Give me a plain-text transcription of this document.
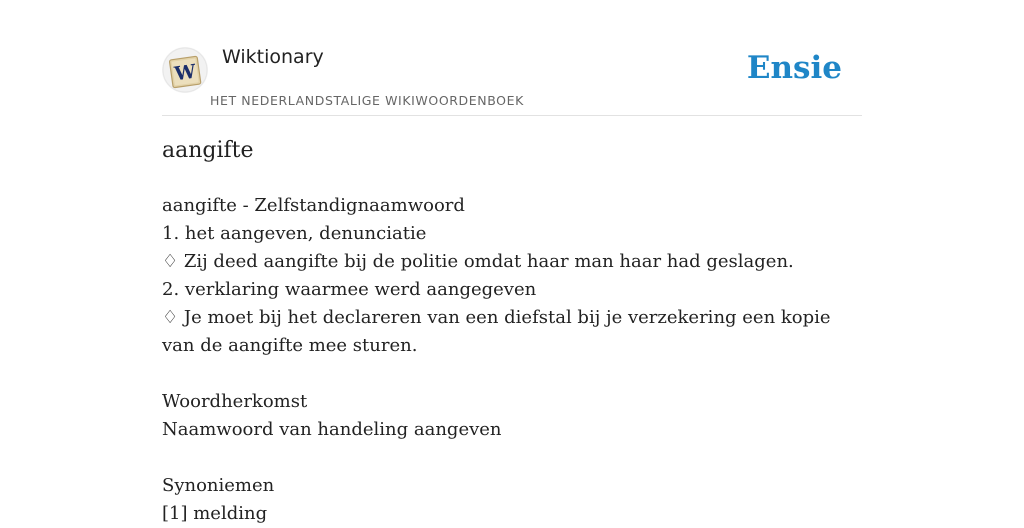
W
Wiktionary
HET NEDERLANDSTALIGE WIKIWOORDENBOEK
Ensie
aangifte
aangifte - Zelfstandignaamwoord
1. het aangeven, denunciatie
♢ Zij deed aangifte bij de politie omdat haar man haar had geslagen.
2. verklaring waarmee werd aangegeven
♢ Je moet bij het declareren van een diefstal bij je verzekering een kopie van de aangifte mee sturen.
Woordherkomst
Naamwoord van handeling aangeven
Synoniemen
[1] melding
